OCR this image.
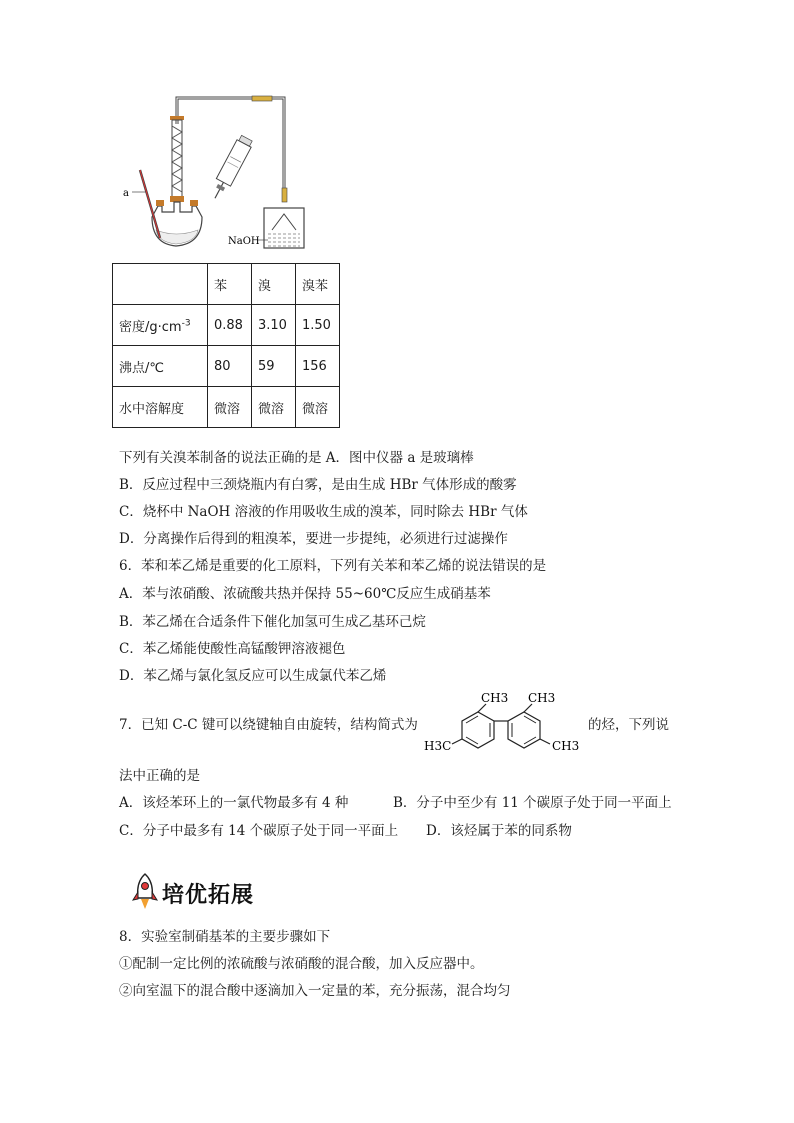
a
NaOH
	苯	溴	溴苯
密度$/g\cdot cm^{-3}$	0.88	3.10	1.50
沸点/℃	80	59	156
水中溶解度	微溶	微溶	微溶
下列有关溴苯制备的说法正确的是 A．图中仪器 a 是玻璃棒
B．反应过程中三颈烧瓶内有白雾，是由生成 HBr 气体形成的酸雾
C．烧杯中 NaOH 溶液的作用吸收生成的溴苯，同时除去 HBr 气体
D．分离操作后得到的粗溴苯，要进一步提纯，必须进行过滤操作
6．苯和苯乙烯是重要的化工原料，下列有关苯和苯乙烯的说法错误的是
A．苯与浓硝酸、浓硫酸共热并保持 55~60℃反应生成硝基苯
B．苯乙烯在合适条件下催化加氢可生成乙基环己烷
C．苯乙烯能使酸性高锰酸钾溶液褪色
D．苯乙烯与氯化氢反应可以生成氯代苯乙烯
7．已知 C-C 键可以绕键轴自由旋转，结构简式为	的烃，下列说
CH3 CH3
H3C	CH3
法中正确的是
A．该烃苯环上的一氯代物最多有 4 种	B．分子中至少有 11 个碳原子处于同一平面上
C．分子中最多有 14 个碳原子处于同一平面上 D．该烃属于苯的同系物
培优拓展
8．实验室制硝基苯的主要步骤如下
①配制一定比例的浓硫酸与浓硝酸的混合酸，加入反应器中。
②向室温下的混合酸中逐滴加入一定量的苯，充分振荡，混合均匀
